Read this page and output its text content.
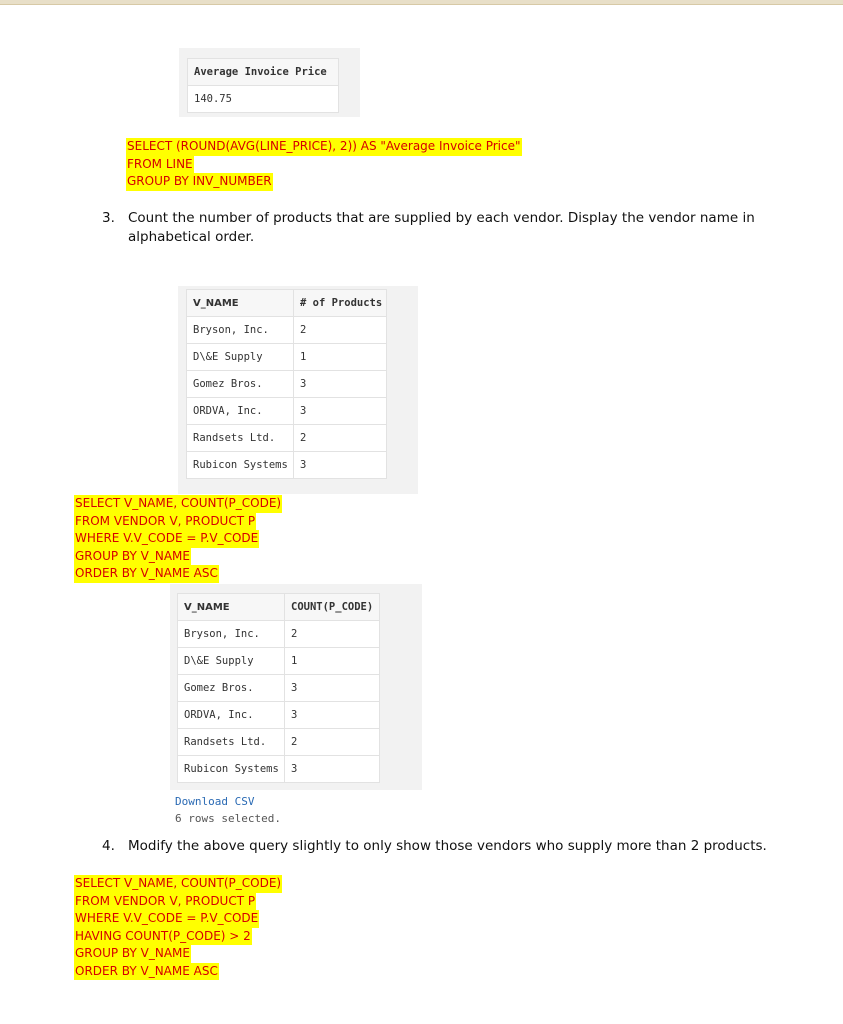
Average Invoice Price
140.75
SELECT (ROUND(AVG(LINE_PRICE), 2)) AS "Average Invoice Price"
FROM LINE
GROUP BY INV_NUMBER
3. Count the number of products that are supplied by each vendor. Display the vendor name in
alphabetical order.
V_NAME	# of Products
Bryson, Inc.	2
D\&E Supply	1
Gomez Bros.	3
ORDVA, Inc.	3
Randsets Ltd.	2
Rubicon Systems	3
SELECT V_NAME, COUNT(P_CODE)
FROM VENDOR V, PRODUCT P
WHERE V.V_CODE = P.V_CODE
GROUP BY V_NAME
ORDER BY V_NAME ASC
V_NAME	COUNT(P_CODE)
Bryson, Inc.	2
D\&E Supply	1
Gomez Bros.	3
ORDVA, Inc.	3
Randsets Ltd.	2
Rubicon Systems	3
Download CSV
6 rows selected.
4. Modify the above query slightly to only show those vendors who supply more than 2 products.
SELECT V_NAME, COUNT(P_CODE)
FROM VENDOR V, PRODUCT P
WHERE V.V_CODE = P.V_CODE
HAVING COUNT(P_CODE) > 2
GROUP BY V_NAME
ORDER BY V_NAME ASC
